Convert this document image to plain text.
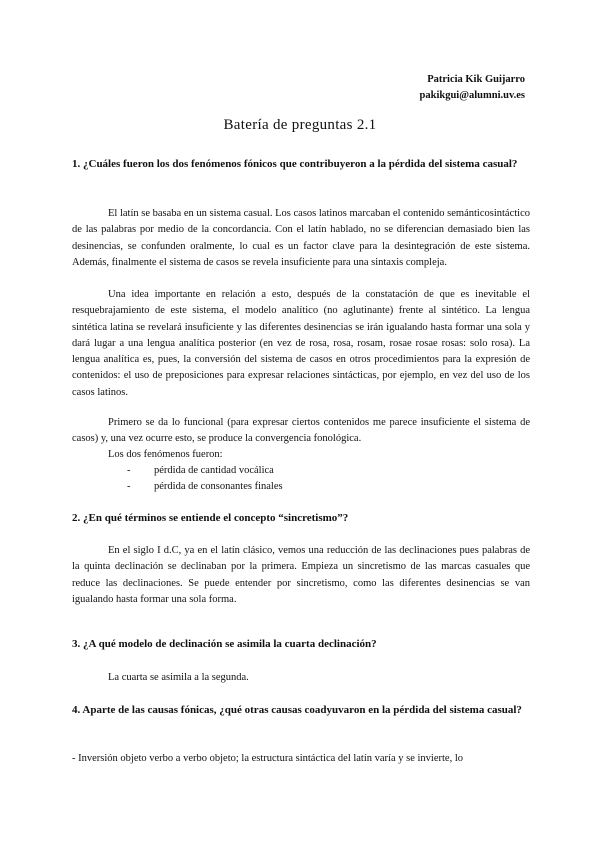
Patricia Kik Guijarro
pakikgui@alumni.uv.es
Batería de preguntas 2.1
1. ¿Cuáles fueron los dos fenómenos fónicos que contribuyeron a la pérdida del sistema casual?

El latín se basaba en un sistema casual. Los casos latinos marcaban el contenido semánticosintáctico de las palabras por medio de la concordancia. Con el latín hablado, no se diferencian demasiado bien las desinencias, se confunden oralmente, lo cual es un factor clave para la desintegración de este sistema. Además, finalmente el sistema de casos se revela insuficiente para una sintaxis compleja.

Una idea importante en relación a esto, después de la constatación de que es inevitable el resquebrajamiento de este sistema, el modelo analítico (no aglutinante) frente al sintético. La lengua sintética latina se revelará insuficiente y las diferentes desinencias se irán igualando hasta formar una sola y dará lugar a una lengua analítica posterior (en vez de rosa, rosa, rosam, rosae rosae rosas: solo rosa). La lengua analítica es, pues, la conversión del sistema de casos en otros procedimientos para la expresión de contenidos: el uso de preposiciones para expresar relaciones sintácticas, por ejemplo, en vez del uso de los casos latinos.

Primero se da lo funcional (para expresar ciertos contenidos me parece insuficiente el sistema de casos) y, una vez ocurre esto, se produce la convergencia fonológica.

Los dos fenómenos fueron:

-	pérdida de cantidad vocálica
-	pérdida de consonantes finales
2. ¿En qué términos se entiende el concepto “sincretismo”?

En el siglo I d.C, ya en el latín clásico, vemos una reducción de las declinaciones pues palabras de la quinta declinación se declinaban por la primera. Empieza un sincretismo de las marcas casuales que reduce las declinaciones. Se puede entender por sincretismo, como las diferentes desinencias se van igualando hasta formar una sola forma.

3. ¿A qué modelo de declinación se asimila la cuarta declinación?

La cuarta se asimila a la segunda.

4. Aparte de las causas fónicas, ¿qué otras causas coadyuvaron en la pérdida del sistema casual?

- Inversión objeto verbo a verbo objeto; la estructura sintáctica del latín varía y se invierte, lo
